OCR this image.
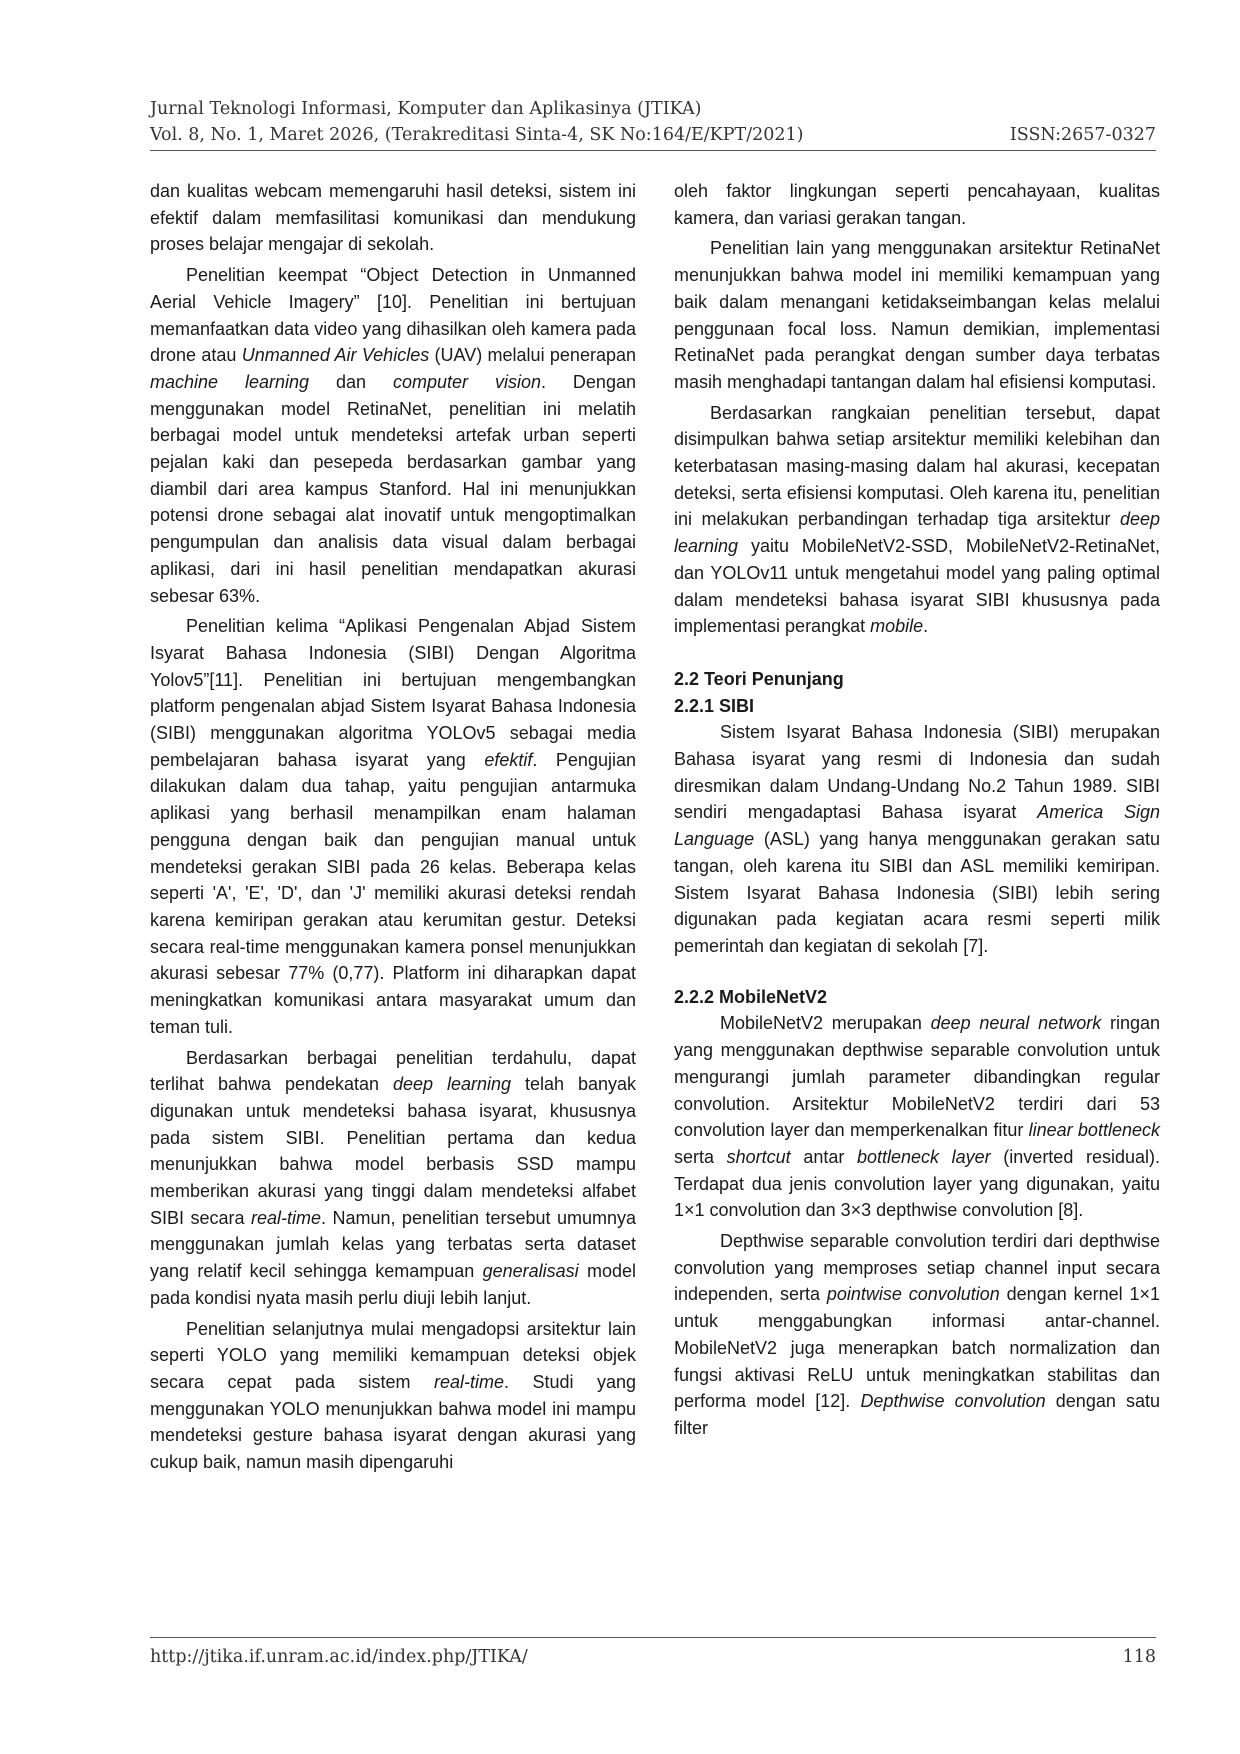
Jurnal Teknologi Informasi, Komputer dan Aplikasinya (JTIKA)
Vol. 8, No. 1, Maret 2026, (Terakreditasi Sinta-4, SK No:164/E/KPT/2021)	ISSN:2657-0327

dan kualitas webcam memengaruhi hasil deteksi, sistem ini efektif dalam memfasilitasi komunikasi dan mendukung proses belajar mengajar di sekolah.

Penelitian keempat “Object Detection in Unmanned Aerial Vehicle Imagery” [10]. Penelitian ini bertujuan memanfaatkan data video yang dihasilkan oleh kamera pada drone atau Unmanned Air Vehicles (UAV) melalui penerapan machine learning dan computer vision. Dengan menggunakan model RetinaNet, penelitian ini melatih berbagai model untuk mendeteksi artefak urban seperti pejalan kaki dan pesepeda berdasarkan gambar yang diambil dari area kampus Stanford. Hal ini menunjukkan potensi drone sebagai alat inovatif untuk mengoptimalkan pengumpulan dan analisis data visual dalam berbagai aplikasi, dari ini hasil penelitian mendapatkan akurasi sebesar 63%.

Penelitian kelima “Aplikasi Pengenalan Abjad Sistem Isyarat Bahasa Indonesia (SIBI) Dengan Algoritma Yolov5”[11]. Penelitian ini bertujuan mengembangkan platform pengenalan abjad Sistem Isyarat Bahasa Indonesia (SIBI) menggunakan algoritma YOLOv5 sebagai media pembelajaran bahasa isyarat yang efektif. Pengujian dilakukan dalam dua tahap, yaitu pengujian antarmuka aplikasi yang berhasil menampilkan enam halaman pengguna dengan baik dan pengujian manual untuk mendeteksi gerakan SIBI pada 26 kelas. Beberapa kelas seperti 'A', 'E', 'D', dan 'J' memiliki akurasi deteksi rendah karena kemiripan gerakan atau kerumitan gestur. Deteksi secara real-time menggunakan kamera ponsel menunjukkan akurasi sebesar 77% (0,77). Platform ini diharapkan dapat meningkatkan komunikasi antara masyarakat umum dan teman tuli.

Berdasarkan berbagai penelitian terdahulu, dapat terlihat bahwa pendekatan deep learning telah banyak digunakan untuk mendeteksi bahasa isyarat, khususnya pada sistem SIBI. Penelitian pertama dan kedua menunjukkan bahwa model berbasis SSD mampu memberikan akurasi yang tinggi dalam mendeteksi alfabet SIBI secara real-time. Namun, penelitian tersebut umumnya menggunakan jumlah kelas yang terbatas serta dataset yang relatif kecil sehingga kemampuan generalisasi model pada kondisi nyata masih perlu diuji lebih lanjut.

Penelitian selanjutnya mulai mengadopsi arsitektur lain seperti YOLO yang memiliki kemampuan deteksi objek secara cepat pada sistem real-time. Studi yang menggunakan YOLO menunjukkan bahwa model ini mampu mendeteksi gesture bahasa isyarat dengan akurasi yang cukup baik, namun masih dipengaruhi

oleh faktor lingkungan seperti pencahayaan, kualitas kamera, dan variasi gerakan tangan.

Penelitian lain yang menggunakan arsitektur RetinaNet menunjukkan bahwa model ini memiliki kemampuan yang baik dalam menangani ketidakseimbangan kelas melalui penggunaan focal loss. Namun demikian, implementasi RetinaNet pada perangkat dengan sumber daya terbatas masih menghadapi tantangan dalam hal efisiensi komputasi.

Berdasarkan rangkaian penelitian tersebut, dapat disimpulkan bahwa setiap arsitektur memiliki kelebihan dan keterbatasan masing-masing dalam hal akurasi, kecepatan deteksi, serta efisiensi komputasi. Oleh karena itu, penelitian ini melakukan perbandingan terhadap tiga arsitektur deep learning yaitu MobileNetV2-SSD, MobileNetV2-RetinaNet, dan YOLOv11 untuk mengetahui model yang paling optimal dalam mendeteksi bahasa isyarat SIBI khususnya pada implementasi perangkat mobile.

2.2 Teori Penunjang
2.2.1 SIBI

Sistem Isyarat Bahasa Indonesia (SIBI) merupakan Bahasa isyarat yang resmi di Indonesia dan sudah diresmikan dalam Undang-Undang No.2 Tahun 1989. SIBI sendiri mengadaptasi Bahasa isyarat America Sign Language (ASL) yang hanya menggunakan gerakan satu tangan, oleh karena itu SIBI dan ASL memiliki kemiripan. Sistem Isyarat Bahasa Indonesia (SIBI) lebih sering digunakan pada kegiatan acara resmi seperti milik pemerintah dan kegiatan di sekolah [7].

2.2.2 MobileNetV2

MobileNetV2 merupakan deep neural network ringan yang menggunakan depthwise separable convolution untuk mengurangi jumlah parameter dibandingkan regular convolution. Arsitektur MobileNetV2 terdiri dari 53 convolution layer dan memperkenalkan fitur linear bottleneck serta shortcut antar bottleneck layer (inverted residual). Terdapat dua jenis convolution layer yang digunakan, yaitu 1×1 convolution dan 3×3 depthwise convolution [8].

Depthwise separable convolution terdiri dari depthwise convolution yang memproses setiap channel input secara independen, serta pointwise convolution dengan kernel 1×1 untuk menggabungkan informasi antar-channel. MobileNetV2 juga menerapkan batch normalization dan fungsi aktivasi ReLU untuk meningkatkan stabilitas dan performa model [12]. Depthwise convolution dengan satu filter

http://jtika.if.unram.ac.id/index.php/JTIKA/	118
